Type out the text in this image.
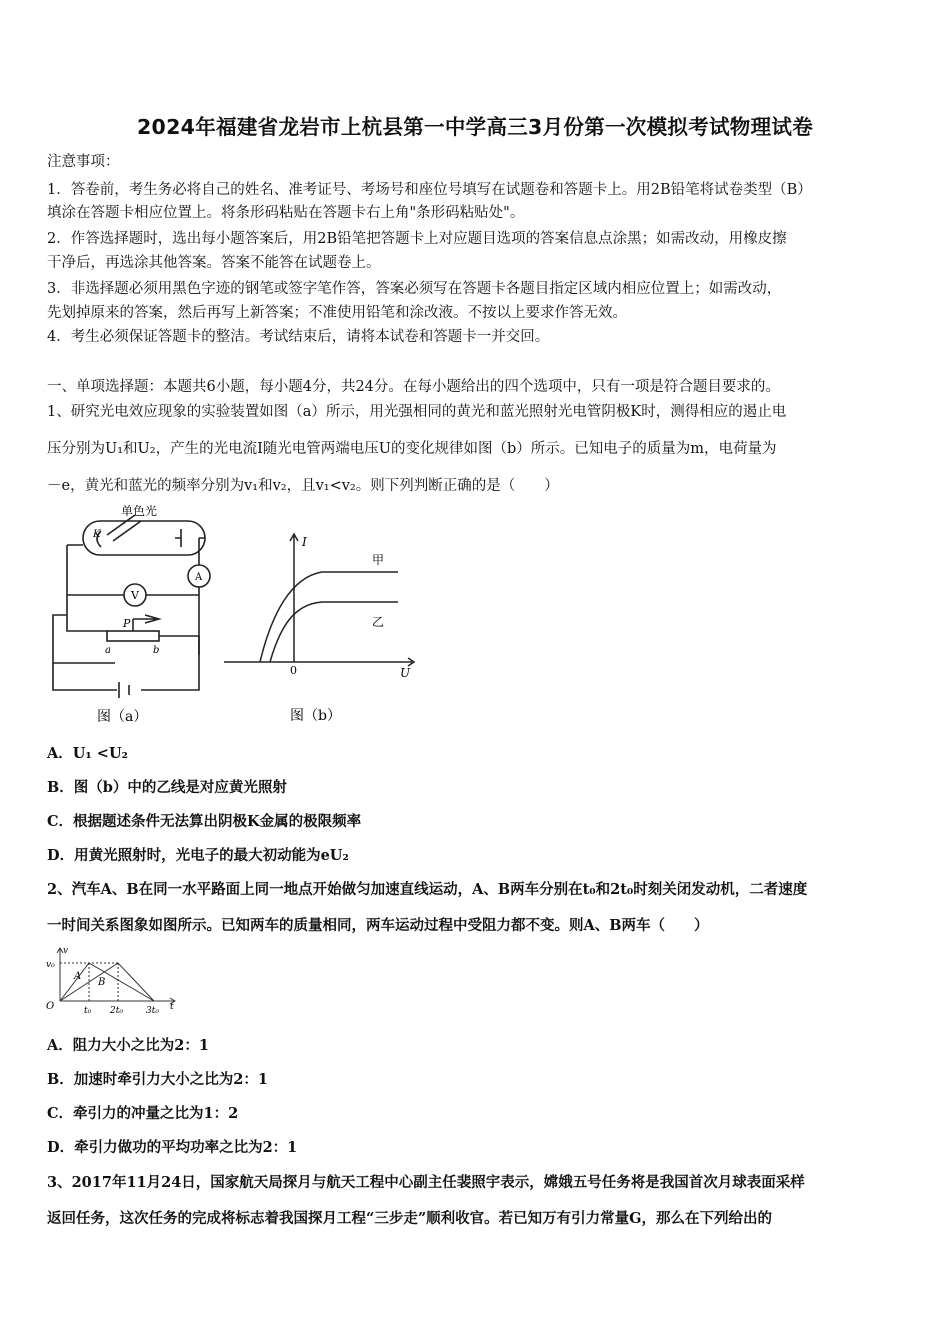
2024年福建省龙岩市上杭县第一中学高三3月份第一次模拟考试物理试卷
注意事项：
1．答卷前，考生务必将自己的姓名、准考证号、考场号和座位号填写在试题卷和答题卡上。用2B铅笔将试卷类型（B）
填涂在答题卡相应位置上。将条形码粘贴在答题卡右上角"条形码粘贴处"。
2．作答选择题时，选出每小题答案后，用2B铅笔把答题卡上对应题目选项的答案信息点涂黑；如需改动，用橡皮擦
干净后，再选涂其他答案。答案不能答在试题卷上。
3．非选择题必须用黑色字迹的钢笔或签字笔作答，答案必须写在答题卡各题目指定区域内相应位置上；如需改动，
先划掉原来的答案，然后再写上新答案；不准使用铅笔和涂改液。不按以上要求作答无效。
4．考生必须保证答题卡的整洁。考试结束后，请将本试卷和答题卡一并交回。
一、单项选择题：本题共6小题，每小题4分，共24分。在每小题给出的四个选项中，只有一项是符合题目要求的。
1、研究光电效应现象的实验装置如图（a）所示，用光强相同的黄光和蓝光照射光电管阴极K时，测得相应的遏止电
压分别为U₁和U₂，产生的光电流I随光电管两端电压U的变化规律如图（b）所示。已知电子的质量为m，电荷量为
－e，黄光和蓝光的频率分别为v₁和v₂，且v₁<v₂。则下列判断正确的是（　　）
单色光
K
A
V
P
a	b
图（a）
I
甲
乙
0	U
图（b）
A．U₁ <U₂
B．图（b）中的乙线是对应黄光照射
C．根据题述条件无法算出阴极K金属的极限频率
D．用黄光照射时，光电子的最大初动能为eU₂
2、汽车A、B在同一水平路面上同一地点开始做匀加速直线运动，A、B两车分别在t₀和2t₀时刻关闭发动机，二者速度
一时间关系图象如图所示。已知两车的质量相同，两车运动过程中受阻力都不变。则A、B两车（　　）
v
v₀
O	t₀ 2t₀	3t₀ t
A
B
A．阻力大小之比为2：1
B．加速时牵引力大小之比为2：1
C．牵引力的冲量之比为1：2
D．牵引力做功的平均功率之比为2：1
3、2017年11月24日，国家航天局探月与航天工程中心副主任裴照宇表示，嫦娥五号任务将是我国首次月球表面采样
返回任务，这次任务的完成将标志着我国探月工程“三步走”顺利收官。若已知万有引力常量G，那么在下列给出的
